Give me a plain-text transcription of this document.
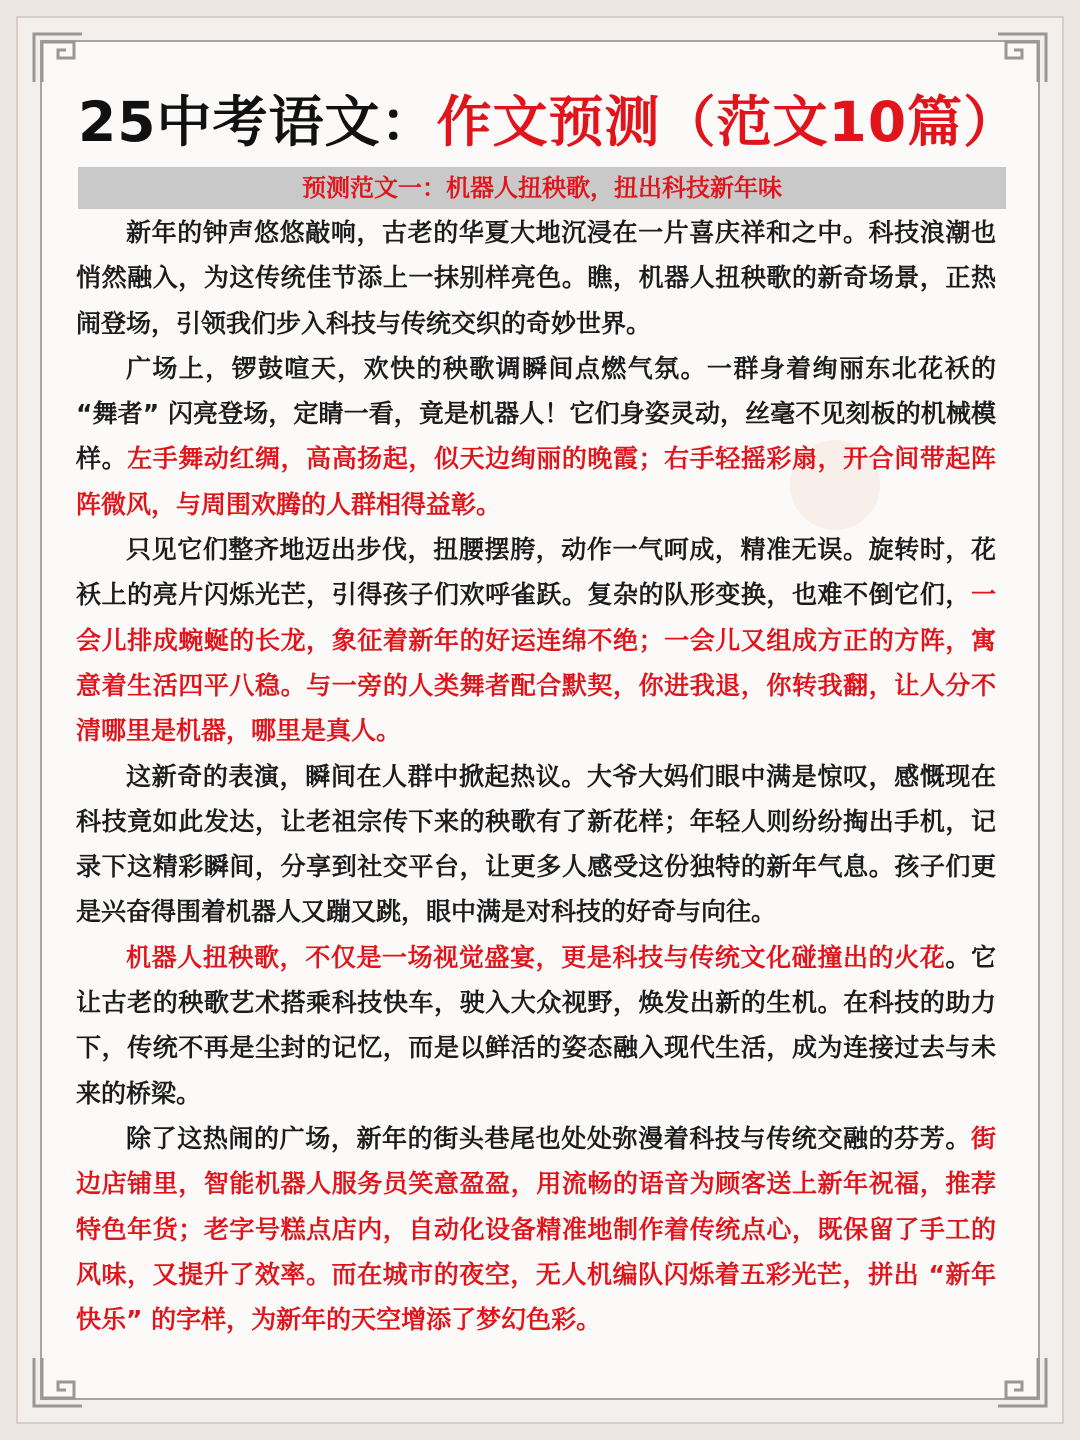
25中考语文：作文预测（范文10篇）
预测范文一：机器人扭秧歌，扭出科技新年味

新年的钟声悠悠敲响，古老的华夏大地沉浸在一片喜庆祥和之中。科技浪潮也悄然融入，为这传统佳节添上一抹别样亮色。瞧，机器人扭秧歌的新奇场景，正热闹登场，引领我们步入科技与传统交织的奇妙世界。

广场上，锣鼓喧天，欢快的秧歌调瞬间点燃气氛。一群身着绚丽东北花袄的 “舞者” 闪亮登场，定睛一看，竟是机器人！它们身姿灵动，丝毫不见刻板的机械模样。左手舞动红绸，高高扬起，似天边绚丽的晚霞；右手轻摇彩扇，开合间带起阵阵微风，与周围欢腾的人群相得益彰。

只见它们整齐地迈出步伐，扭腰摆胯，动作一气呵成，精准无误。旋转时，花袄上的亮片闪烁光芒，引得孩子们欢呼雀跃。复杂的队形变换，也难不倒它们，一会儿排成蜿蜒的长龙，象征着新年的好运连绵不绝；一会儿又组成方正的方阵，寓意着生活四平八稳。与一旁的人类舞者配合默契，你进我退，你转我翻，让人分不清哪里是机器，哪里是真人。

这新奇的表演，瞬间在人群中掀起热议。大爷大妈们眼中满是惊叹，感慨现在科技竟如此发达，让老祖宗传下来的秧歌有了新花样；年轻人则纷纷掏出手机，记录下这精彩瞬间，分享到社交平台，让更多人感受这份独特的新年气息。孩子们更是兴奋得围着机器人又蹦又跳，眼中满是对科技的好奇与向往。

机器人扭秧歌，不仅是一场视觉盛宴，更是科技与传统文化碰撞出的火花。它让古老的秧歌艺术搭乘科技快车，驶入大众视野，焕发出新的生机。在科技的助力下，传统不再是尘封的记忆，而是以鲜活的姿态融入现代生活，成为连接过去与未来的桥梁。

除了这热闹的广场，新年的街头巷尾也处处弥漫着科技与传统交融的芬芳。街边店铺里，智能机器人服务员笑意盈盈，用流畅的语音为顾客送上新年祝福，推荐特色年货；老字号糕点店内，自动化设备精准地制作着传统点心，既保留了手工的风味，又提升了效率。而在城市的夜空，无人机编队闪烁着五彩光芒，拼出 “新年快乐” 的字样，为新年的天空增添了梦幻色彩。
